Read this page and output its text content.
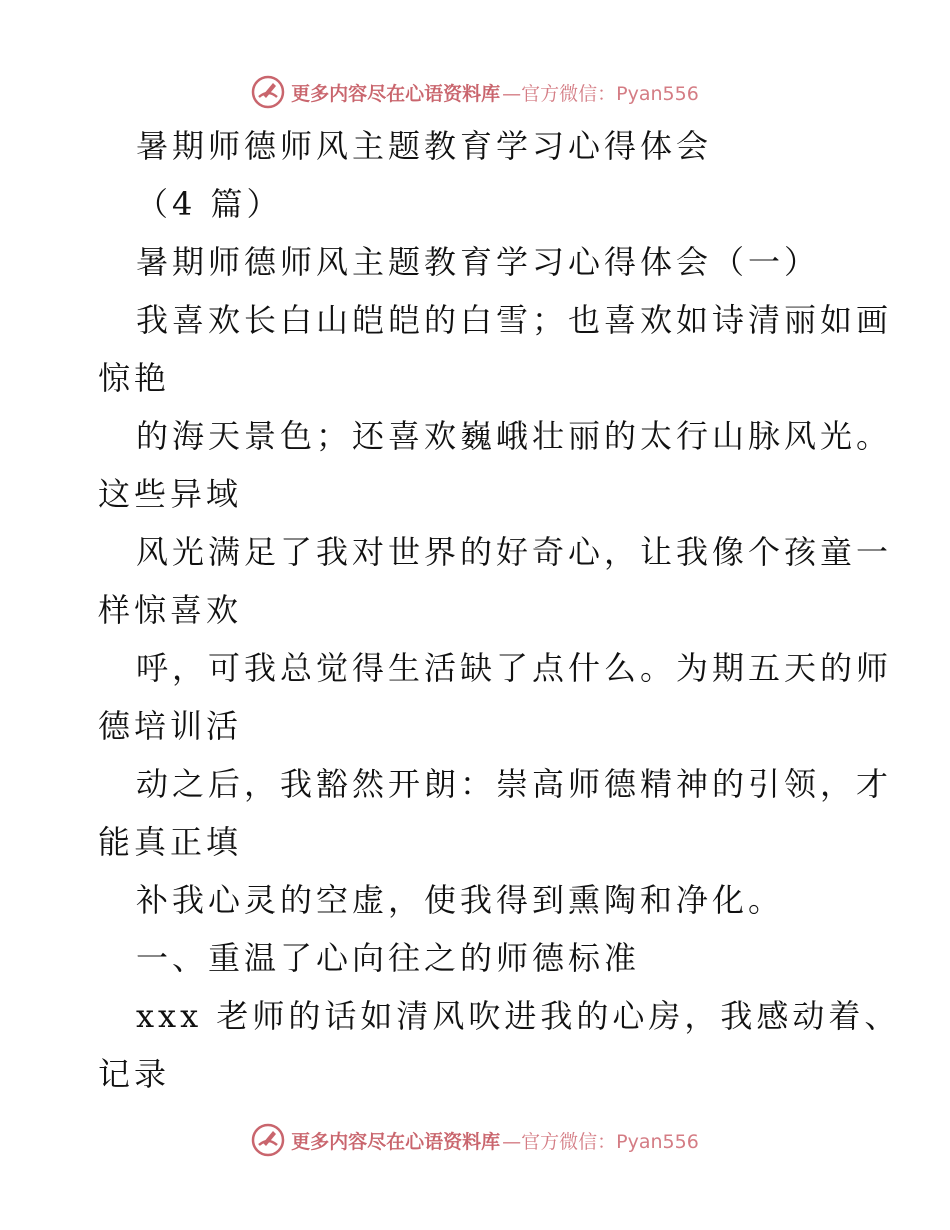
更多内容尽在心语资料库 —官方微信：Pyan556
暑期师德师风主题教育学习心得体会
（4 篇）
暑期师德师风主题教育学习心得体会（一）
我喜欢长白山皑皑的白雪；也喜欢如诗清丽如画
惊艳
的海天景色；还喜欢巍峨壮丽的太行山脉风光。
这些异域
风光满足了我对世界的好奇心，让我像个孩童一
样惊喜欢
呼，可我总觉得生活缺了点什么。为期五天的师
德培训活
动之后，我豁然开朗：崇高师德精神的引领，才
能真正填
补我心灵的空虚，使我得到熏陶和净化。
一、重温了心向往之的师德标准
xxx 老师的话如清风吹进我的心房，我感动着、
记录
更多内容尽在心语资料库 —官方微信：Pyan556
